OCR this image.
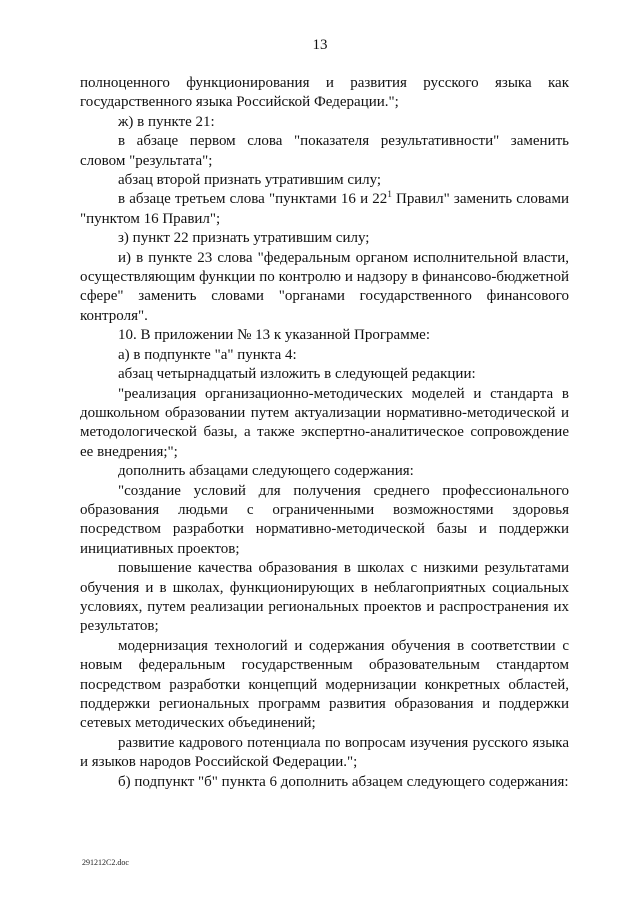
13

полноценного функционирования и развития русского языка как государственного языка Российской Федерации.";

ж) в пункте 21:

в абзаце первом слова "показателя результативности" заменить словом "результата";

абзац второй признать утратившим силу;

в абзаце третьем слова "пунктами 16 и $22^1$ Правил" заменить словами "пунктом 16 Правил";

з) пункт 22 признать утратившим силу;

и) в пункте 23 слова "федеральным органом исполнительной власти, осуществляющим функции по контролю и надзору в финансово-бюджетной сфере" заменить словами "органами государственного финансового контроля".

10. В приложении № 13 к указанной Программе:

а) в подпункте "а" пункта 4:

абзац четырнадцатый изложить в следующей редакции:

"реализация организационно-методических моделей и стандарта в дошкольном образовании путем актуализации нормативно-методической и методологической базы, а также экспертно-аналитическое сопровождение ее внедрения;";

дополнить абзацами следующего содержания:

"создание условий для получения среднего профессионального образования людьми с ограниченными возможностями здоровья посредством разработки нормативно-методической базы и поддержки инициативных проектов;

повышение качества образования в школах с низкими результатами обучения и в школах, функционирующих в неблагоприятных социальных условиях, путем реализации региональных проектов и распространения их результатов;

модернизация технологий и содержания обучения в соответствии с новым федеральным государственным образовательным стандартом посредством разработки концепций модернизации конкретных областей, поддержки региональных программ развития образования и поддержки сетевых методических объединений;

развитие кадрового потенциала по вопросам изучения русского языка и языков народов Российской Федерации.";

б) подпункт "б" пункта 6 дополнить абзацем следующего содержания:

291212C2.doc
